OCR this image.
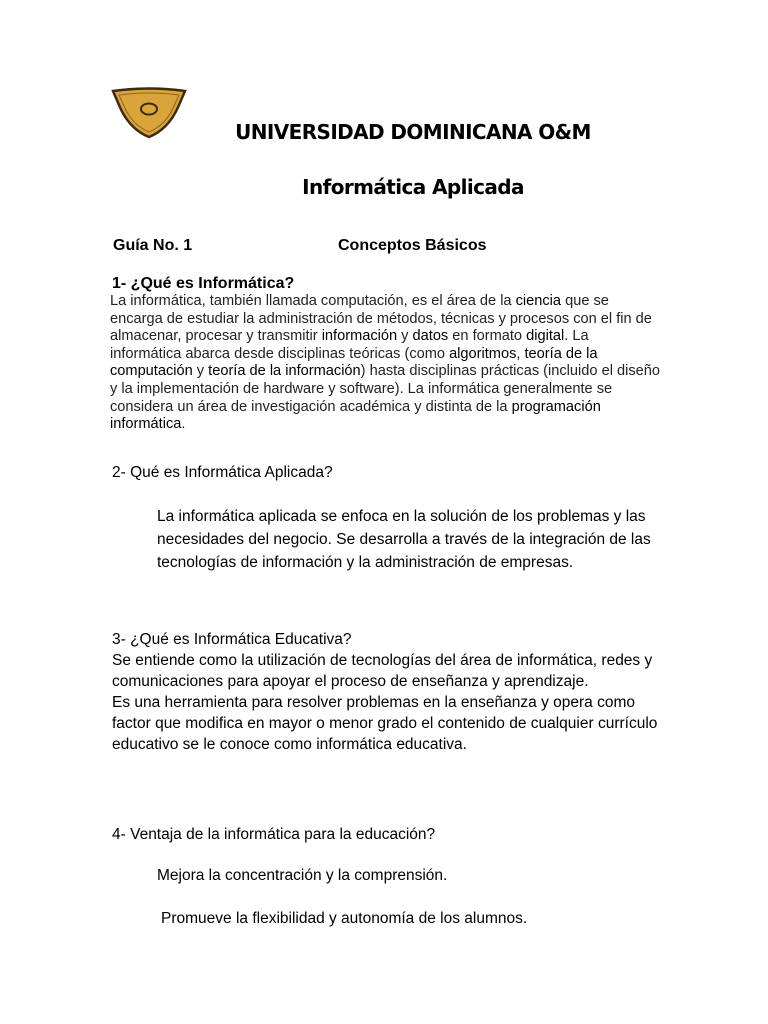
UNIVERSIDAD DOMINICANA O&M
Informática Aplicada
Guía No. 1	Conceptos Básicos
1- ¿Qué es Informática?
La informática, también llamada computación, es el área de la ciencia que se encarga de estudiar la administración de métodos, técnicas y procesos con el fin de almacenar, procesar y transmitir información y datos en formato digital. La informática abarca desde disciplinas teóricas (como algoritmos, teoría de la computación y teoría de la información) hasta disciplinas prácticas (incluido el diseño y la implementación de hardware y software). La informática generalmente se considera un área de investigación académica y distinta de la programación informática.
2- Qué es Informática Aplicada?
La informática aplicada se enfoca en la solución de los problemas y las necesidades del negocio. Se desarrolla a través de la integración de las tecnologías de información y la administración de empresas.
3- ¿Qué es Informática Educativa?

Se entiende como la utilización de tecnologías del área de informática, redes y comunicaciones para apoyar el proceso de enseñanza y aprendizaje.

Es una herramienta para resolver problemas en la enseñanza y opera como factor que modifica en mayor o menor grado el contenido de cualquier currículo educativo se le conoce como informática educativa.

4- Ventaja de la informática para la educación?
Mejora la concentración y la comprensión.
Promueve la flexibilidad y autonomía de los alumnos.
